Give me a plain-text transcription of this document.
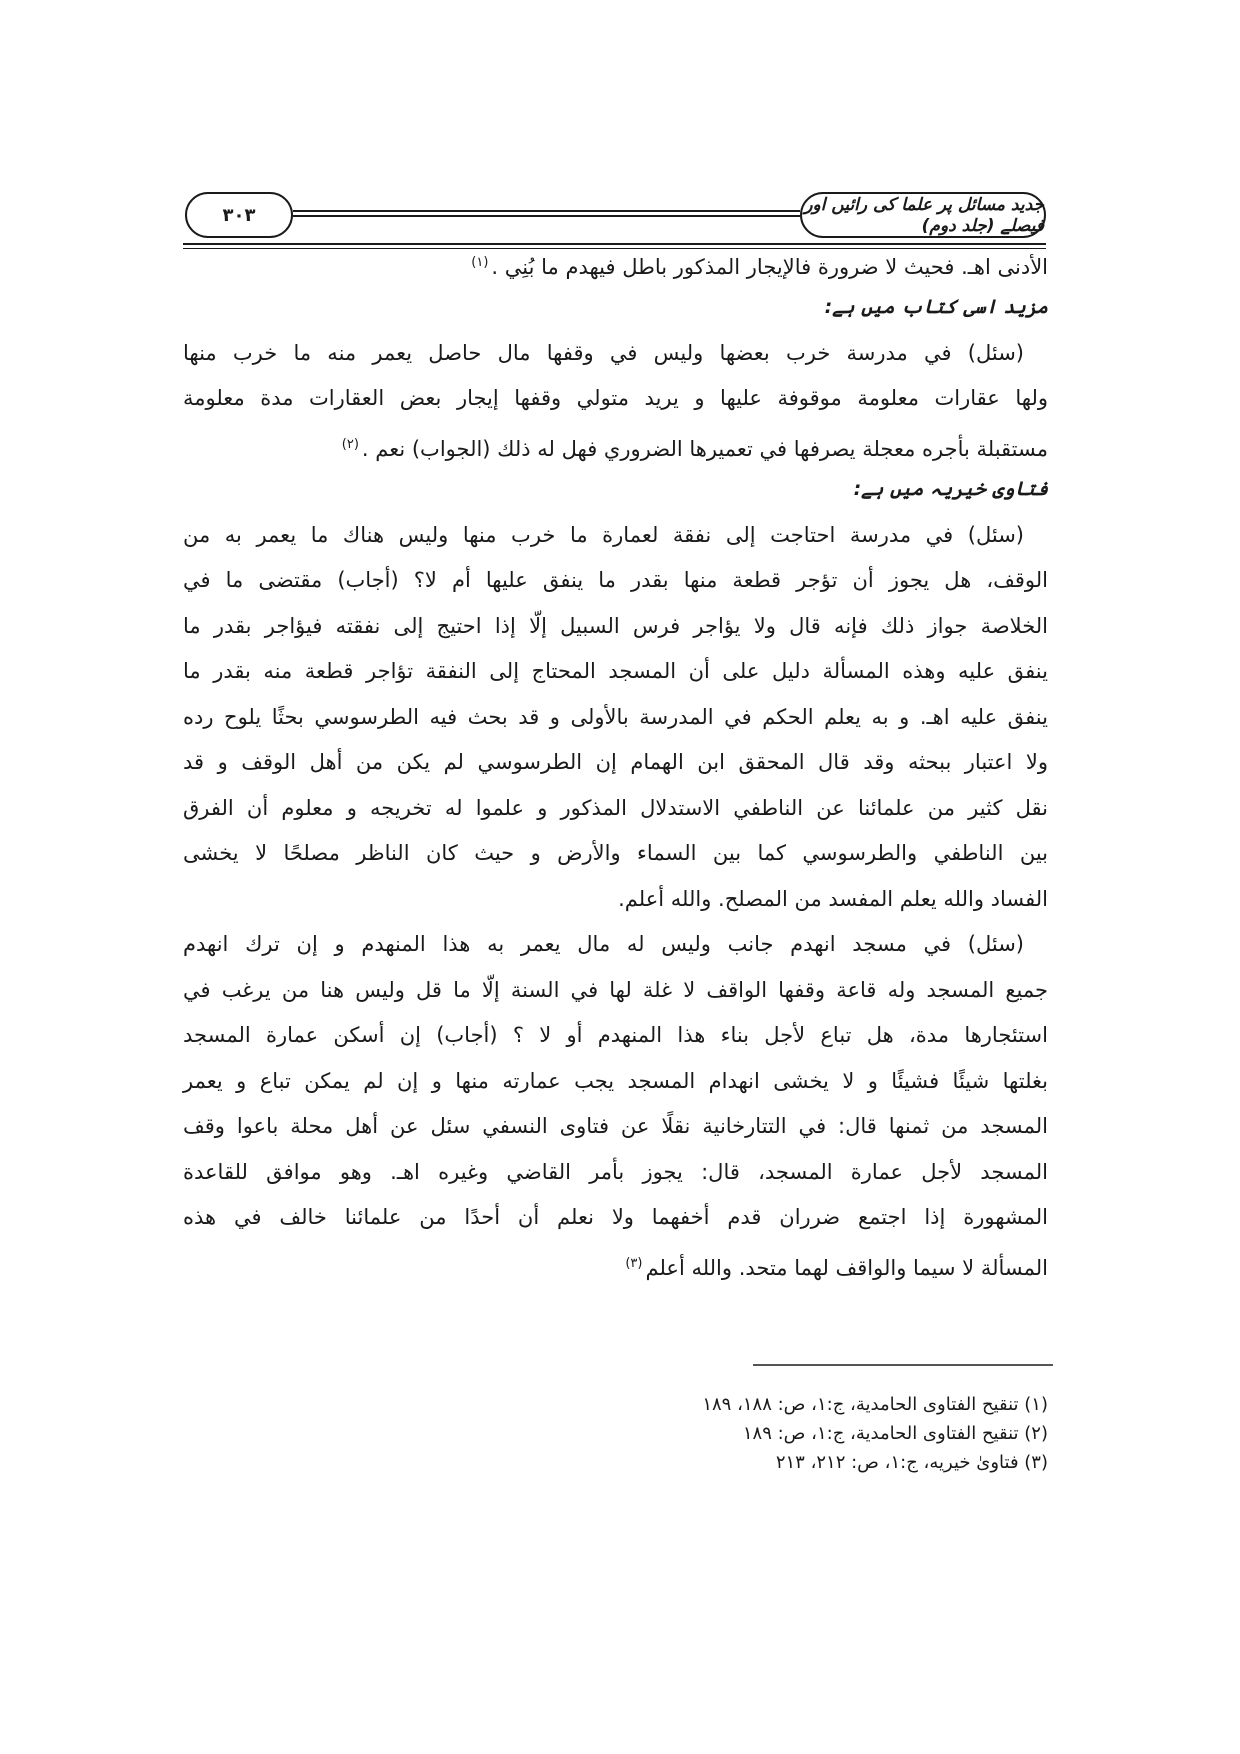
جدید مسائل پر علما کی رائیں اور فیصلے (جلد دوم)
٣٠٣
الأدنى اهـ. فحيث لا ضرورة فالإيجار المذكور باطل فيهدم ما بُنِي .$^{(١)}$
مزید اسی کتاب میں ہے:
(سئل) في مدرسة خرب بعضها وليس في وقفها مال حاصل يعمر منه ما خرب منها
ولها عقارات معلومة موقوفة عليها و يريد متولي وقفها إيجار بعض العقارات مدة معلومة
مستقبلة بأجره معجلة يصرفها في تعميرها الضروري فهل له ذلك (الجواب) نعم .$^{(٢)}$
فتاوی خیریہ میں ہے:
(سئل) في مدرسة احتاجت إلى نفقة لعمارة ما خرب منها وليس هناك ما يعمر به من
الوقف، هل يجوز أن تؤجر قطعة منها بقدر ما ينفق عليها أم لا؟ (أجاب) مقتضى ما في
الخلاصة جواز ذلك فإنه قال ولا يؤاجر فرس السبيل إلّا إذا احتيج إلى نفقته فيؤاجر بقدر ما
ينفق عليه وهذه المسألة دليل على أن المسجد المحتاج إلى النفقة تؤاجر قطعة منه بقدر ما
ينفق عليه اهـ. و به يعلم الحكم في المدرسة بالأولى و قد بحث فيه الطرسوسي بحثًا يلوح رده
ولا اعتبار ببحثه وقد قال المحقق ابن الهمام إن الطرسوسي لم يكن من أهل الوقف و قد
نقل كثير من علمائنا عن الناطفي الاستدلال المذكور و علموا له تخريجه و معلوم أن الفرق
بين الناطفي والطرسوسي كما بين السماء والأرض و حيث كان الناظر مصلحًا لا يخشى
الفساد والله يعلم المفسد من المصلح. والله أعلم.
(سئل) في مسجد انهدم جانب وليس له مال يعمر به هذا المنهدم و إن ترك انهدم
جميع المسجد وله قاعة وقفها الواقف لا غلة لها في السنة إلّا ما قل وليس هنا من يرغب في
استئجارها مدة، هل تباع لأجل بناء هذا المنهدم أو لا ؟ (أجاب) إن أسكن عمارة المسجد
بغلتها شيئًا فشيئًا و لا يخشى انهدام المسجد يجب عمارته منها و إن لم يمكن تباع و يعمر
المسجد من ثمنها قال: في التتارخانية نقلًا عن فتاوى النسفي سئل عن أهل محلة باعوا وقف
المسجد لأجل عمارة المسجد، قال: يجوز بأمر القاضي وغيره اهـ. وهو موافق للقاعدة
المشهورة إذا اجتمع ضرران قدم أخفهما ولا نعلم أن أحدًا من علمائنا خالف في هذه
المسألة لا سيما والواقف لهما متحد. والله أعلم$^{(٣)}$
(١) تنقيح الفتاوى الحامدية، ج:١، ص: ١٨٨، ١٨٩
(٢) تنقيح الفتاوى الحامدية، ج:١، ص: ١٨٩
(٣) فتاوىٰ خيريه، ج:١، ص: ٢١٢، ٢١٣
